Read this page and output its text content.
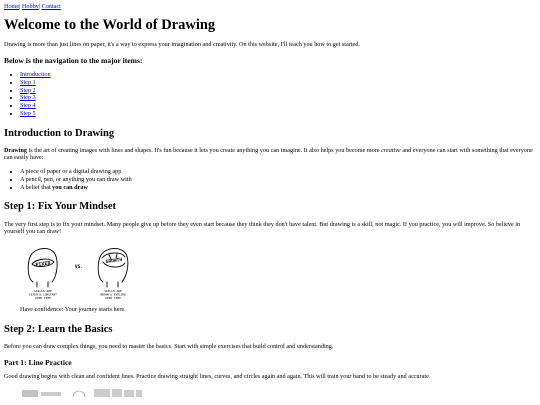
Home| Hobby| Contact
Welcome to the World of Drawing

Drawing is more than just lines on paper, it's a way to express your imagination and creativity. On this website, I'll teach you how to get started.

Below is the navigation to the major items:
• Introduction
• Step 1
• Step 2
• Step 3
• Step 4
• Step 5
Introduction to Drawing

Drawing is the art of creating images with lines and shapes. It's fun because it lets you create anything you can imagine. It also helps you become more creative and everyone can start with something that everyone can easily have:

• A piece of paper or a digital drawing app
• A pencil, pen, or anything you can draw with
• A belief that you can draw
Step 1: Fix Your Mindset

The very first step is to fix your mindset. Many people give up before they even start because they think they don't have talent. But drawing is a skill, not magic. If you practice, you will improve. So believe in yourself you can draw!

FIXED	VS.
GROWTH
SKILLS ARE
FIXED & CONSTANT
OVER TIME
SKILLS ARE
GROWN & EVOLVED
OVER TIME

Have confidence: Your journey starts here.

Step 2: Learn the Basics

Before you can draw complex things, you need to master the basics. Start with simple exercises that build control and understanding.

Part 1: Line Practice

Good drawing begins with clean and confident lines. Practice drawing straight lines, curves, and circles again and again. This will train your hand to be steady and accurate.
